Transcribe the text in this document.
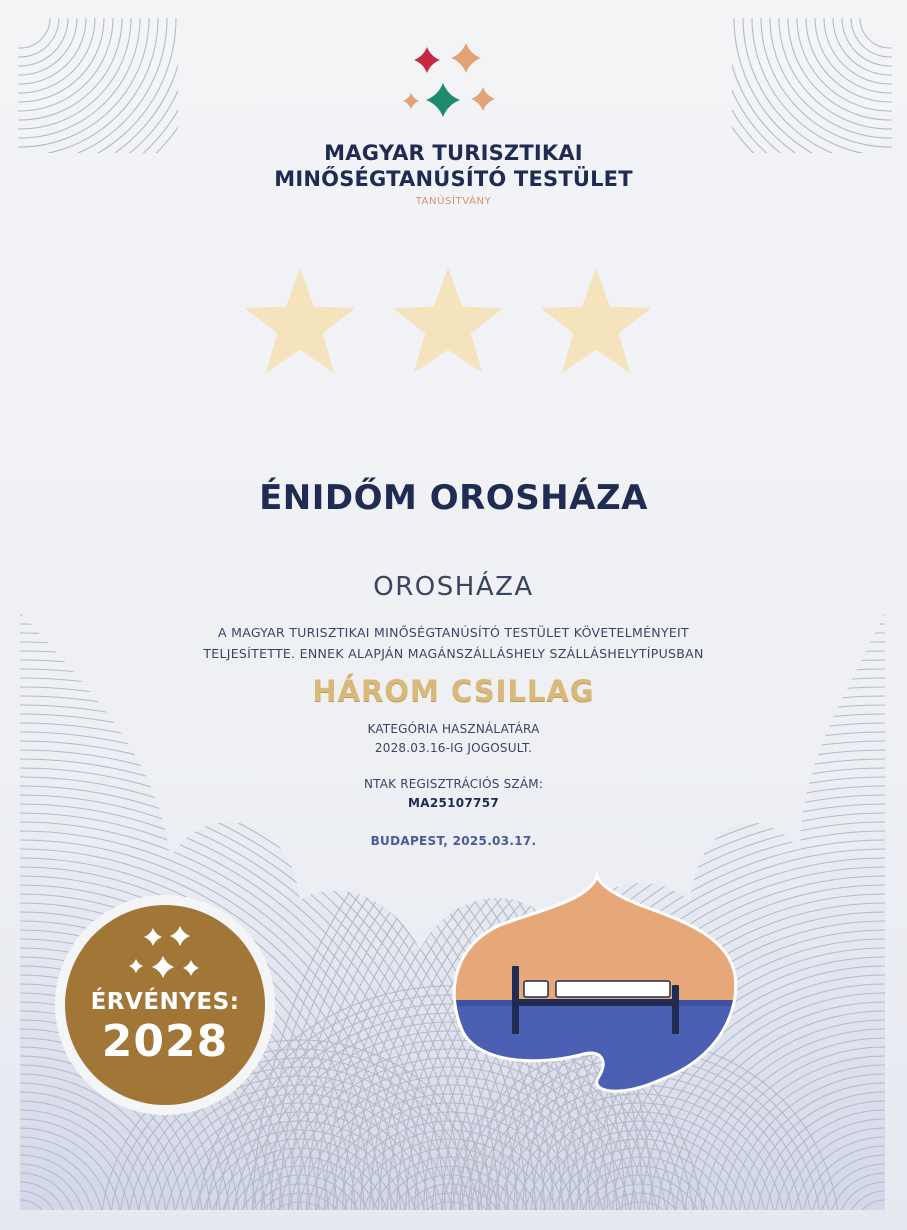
MAGYAR TURISZTIKAI
MINŐSÉGTANÚSÍTÓ TESTÜLET
TANÚSÍTVÁNY
ÉNIDŐM OROSHÁZA
OROSHÁZA
A MAGYAR TURISZTIKAI MINŐSÉGTANÚSÍTÓ TESTÜLET KÖVETELMÉNYEIT
TELJESÍTETTE. ENNEK ALAPJÁN MAGÁNSZÁLLÁSHELY SZÁLLÁSHELYTÍPUSBAN
HÁROM CSILLAG
KATEGÓRIA HASZNÁLATÁRA
2028.03.16-IG JOGOSULT.
NTAK REGISZTRÁCIÓS SZÁM:
MA25107757
BUDAPEST, 2025.03.17.
ÉRVÉNYES:
2028
